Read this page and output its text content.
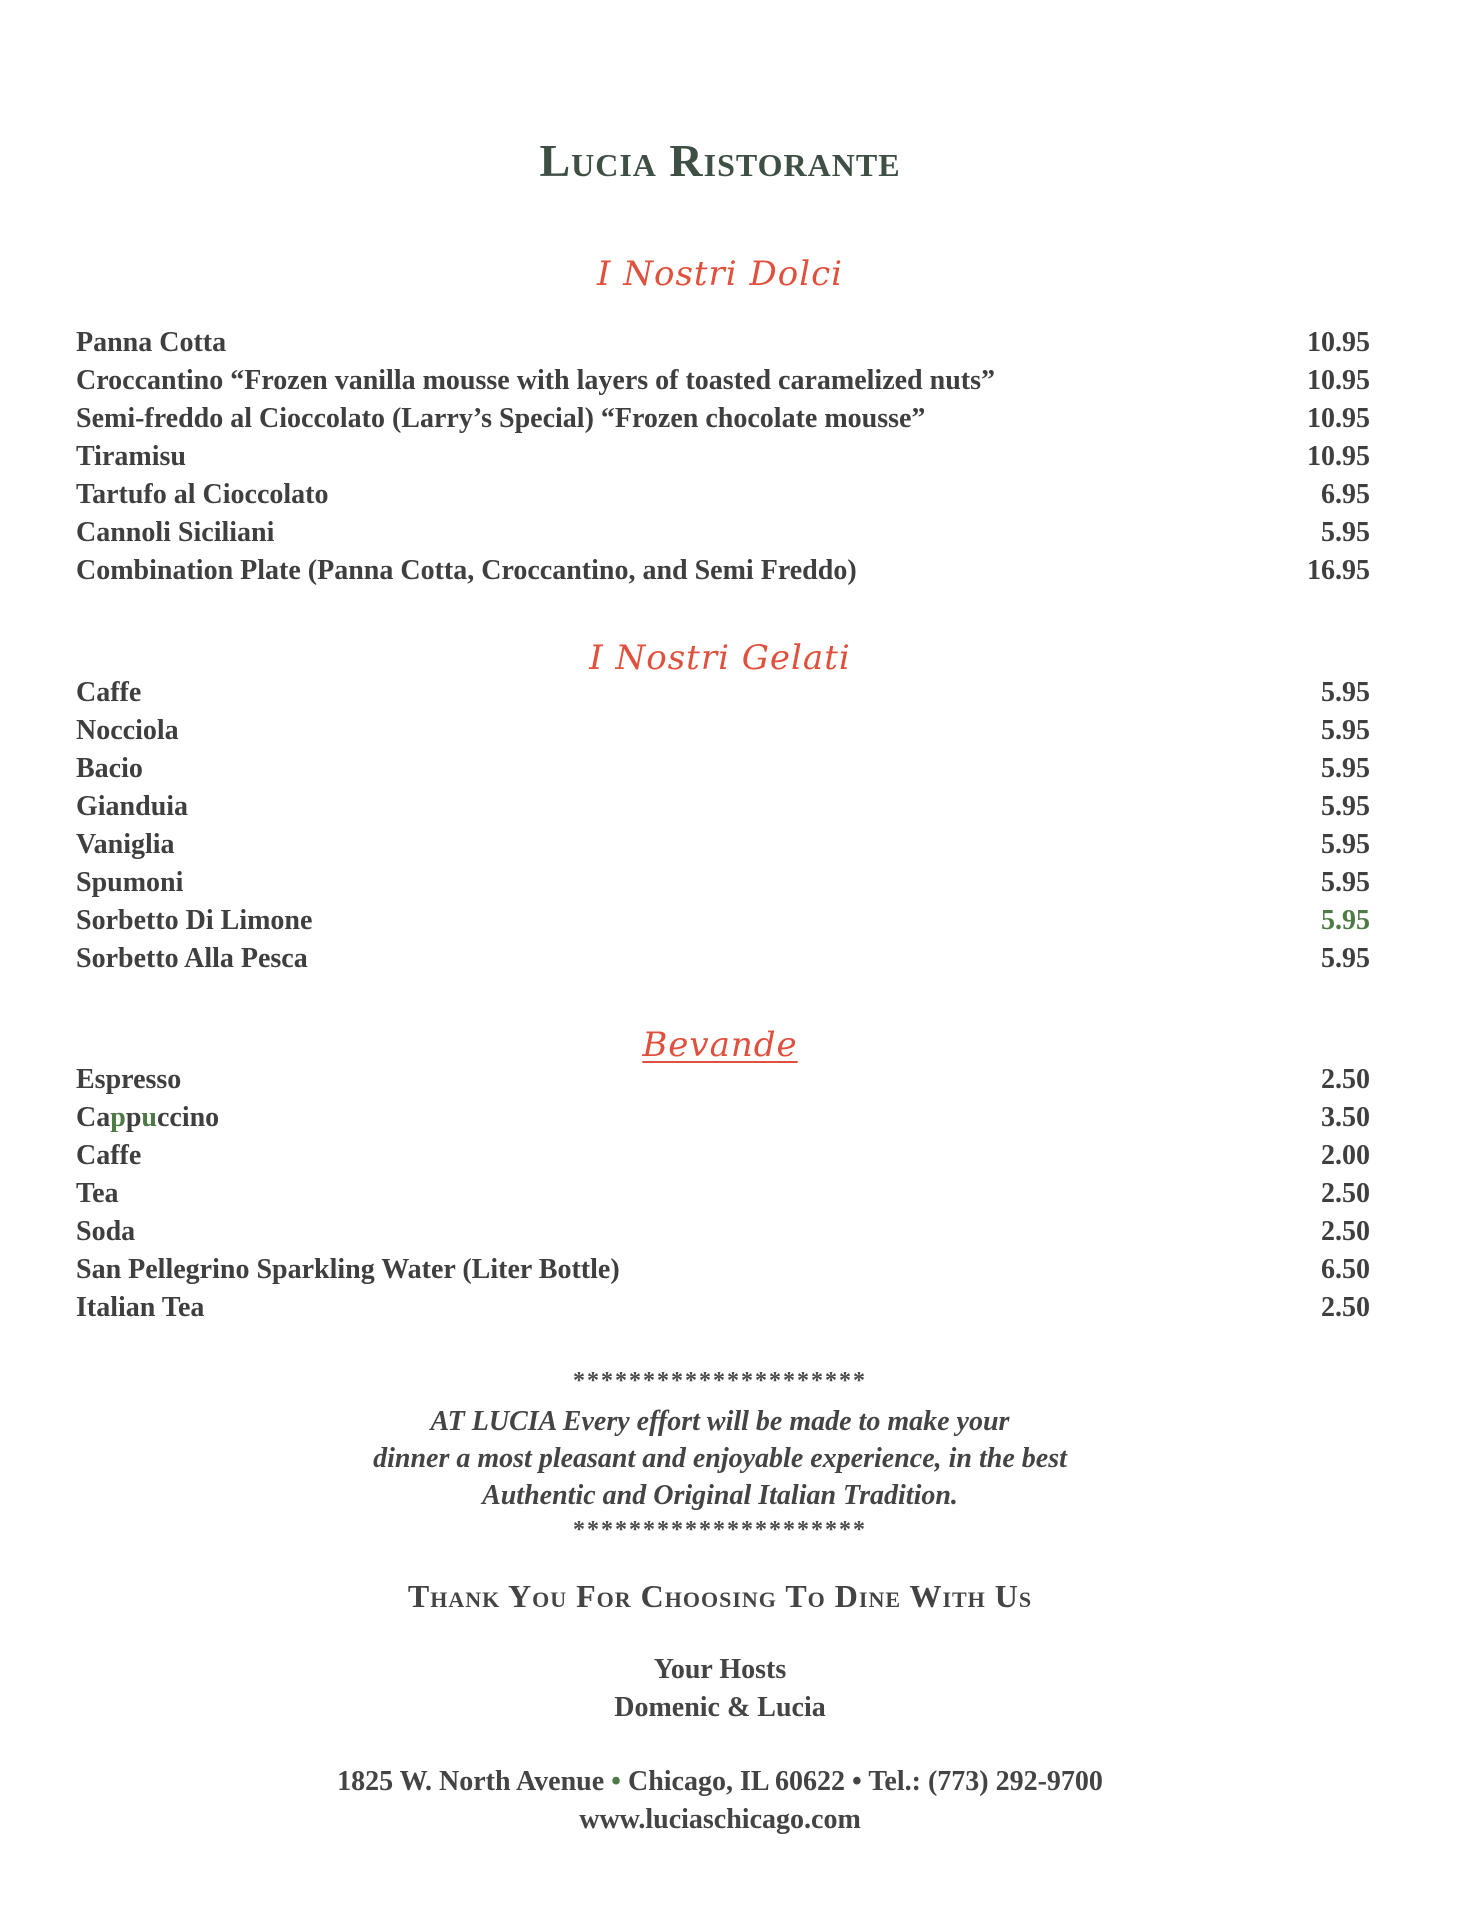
Lucia Ristorante
I Nostri Dolci
Panna Cotta	10.95
Croccantino “Frozen vanilla mousse with layers of toasted caramelized nuts”	10.95
Semi-freddo al Cioccolato (Larry’s Special) “Frozen chocolate mousse”	10.95
Tiramisu	10.95
Tartufo al Cioccolato	6.95
Cannoli Siciliani	5.95
Combination Plate (Panna Cotta, Croccantino, and Semi Freddo)	16.95
I Nostri Gelati
Caffe	5.95
Nocciola	5.95
Bacio	5.95
Gianduia	5.95
Vaniglia	5.95
Spumoni	5.95
Sorbetto Di Limone	5.95
Sorbetto Alla Pesca	5.95
Bevande
Espresso	2.50
Cappuccino	3.50
Caffe	2.00
Tea	2.50
Soda	2.50
San Pellegrino Sparkling Water (Liter Bottle)	6.50
Italian Tea	2.50
*********************
AT LUCIA Every effort will be made to make your
dinner a most pleasant and enjoyable experience, in the best
Authentic and Original Italian Tradition.
*********************
Thank You For Choosing To Dine With Us
Your Hosts
Domenic & Lucia
1825 W. North Avenue • Chicago, IL 60622 • Tel.: (773) 292-9700
www.luciaschicago.com
